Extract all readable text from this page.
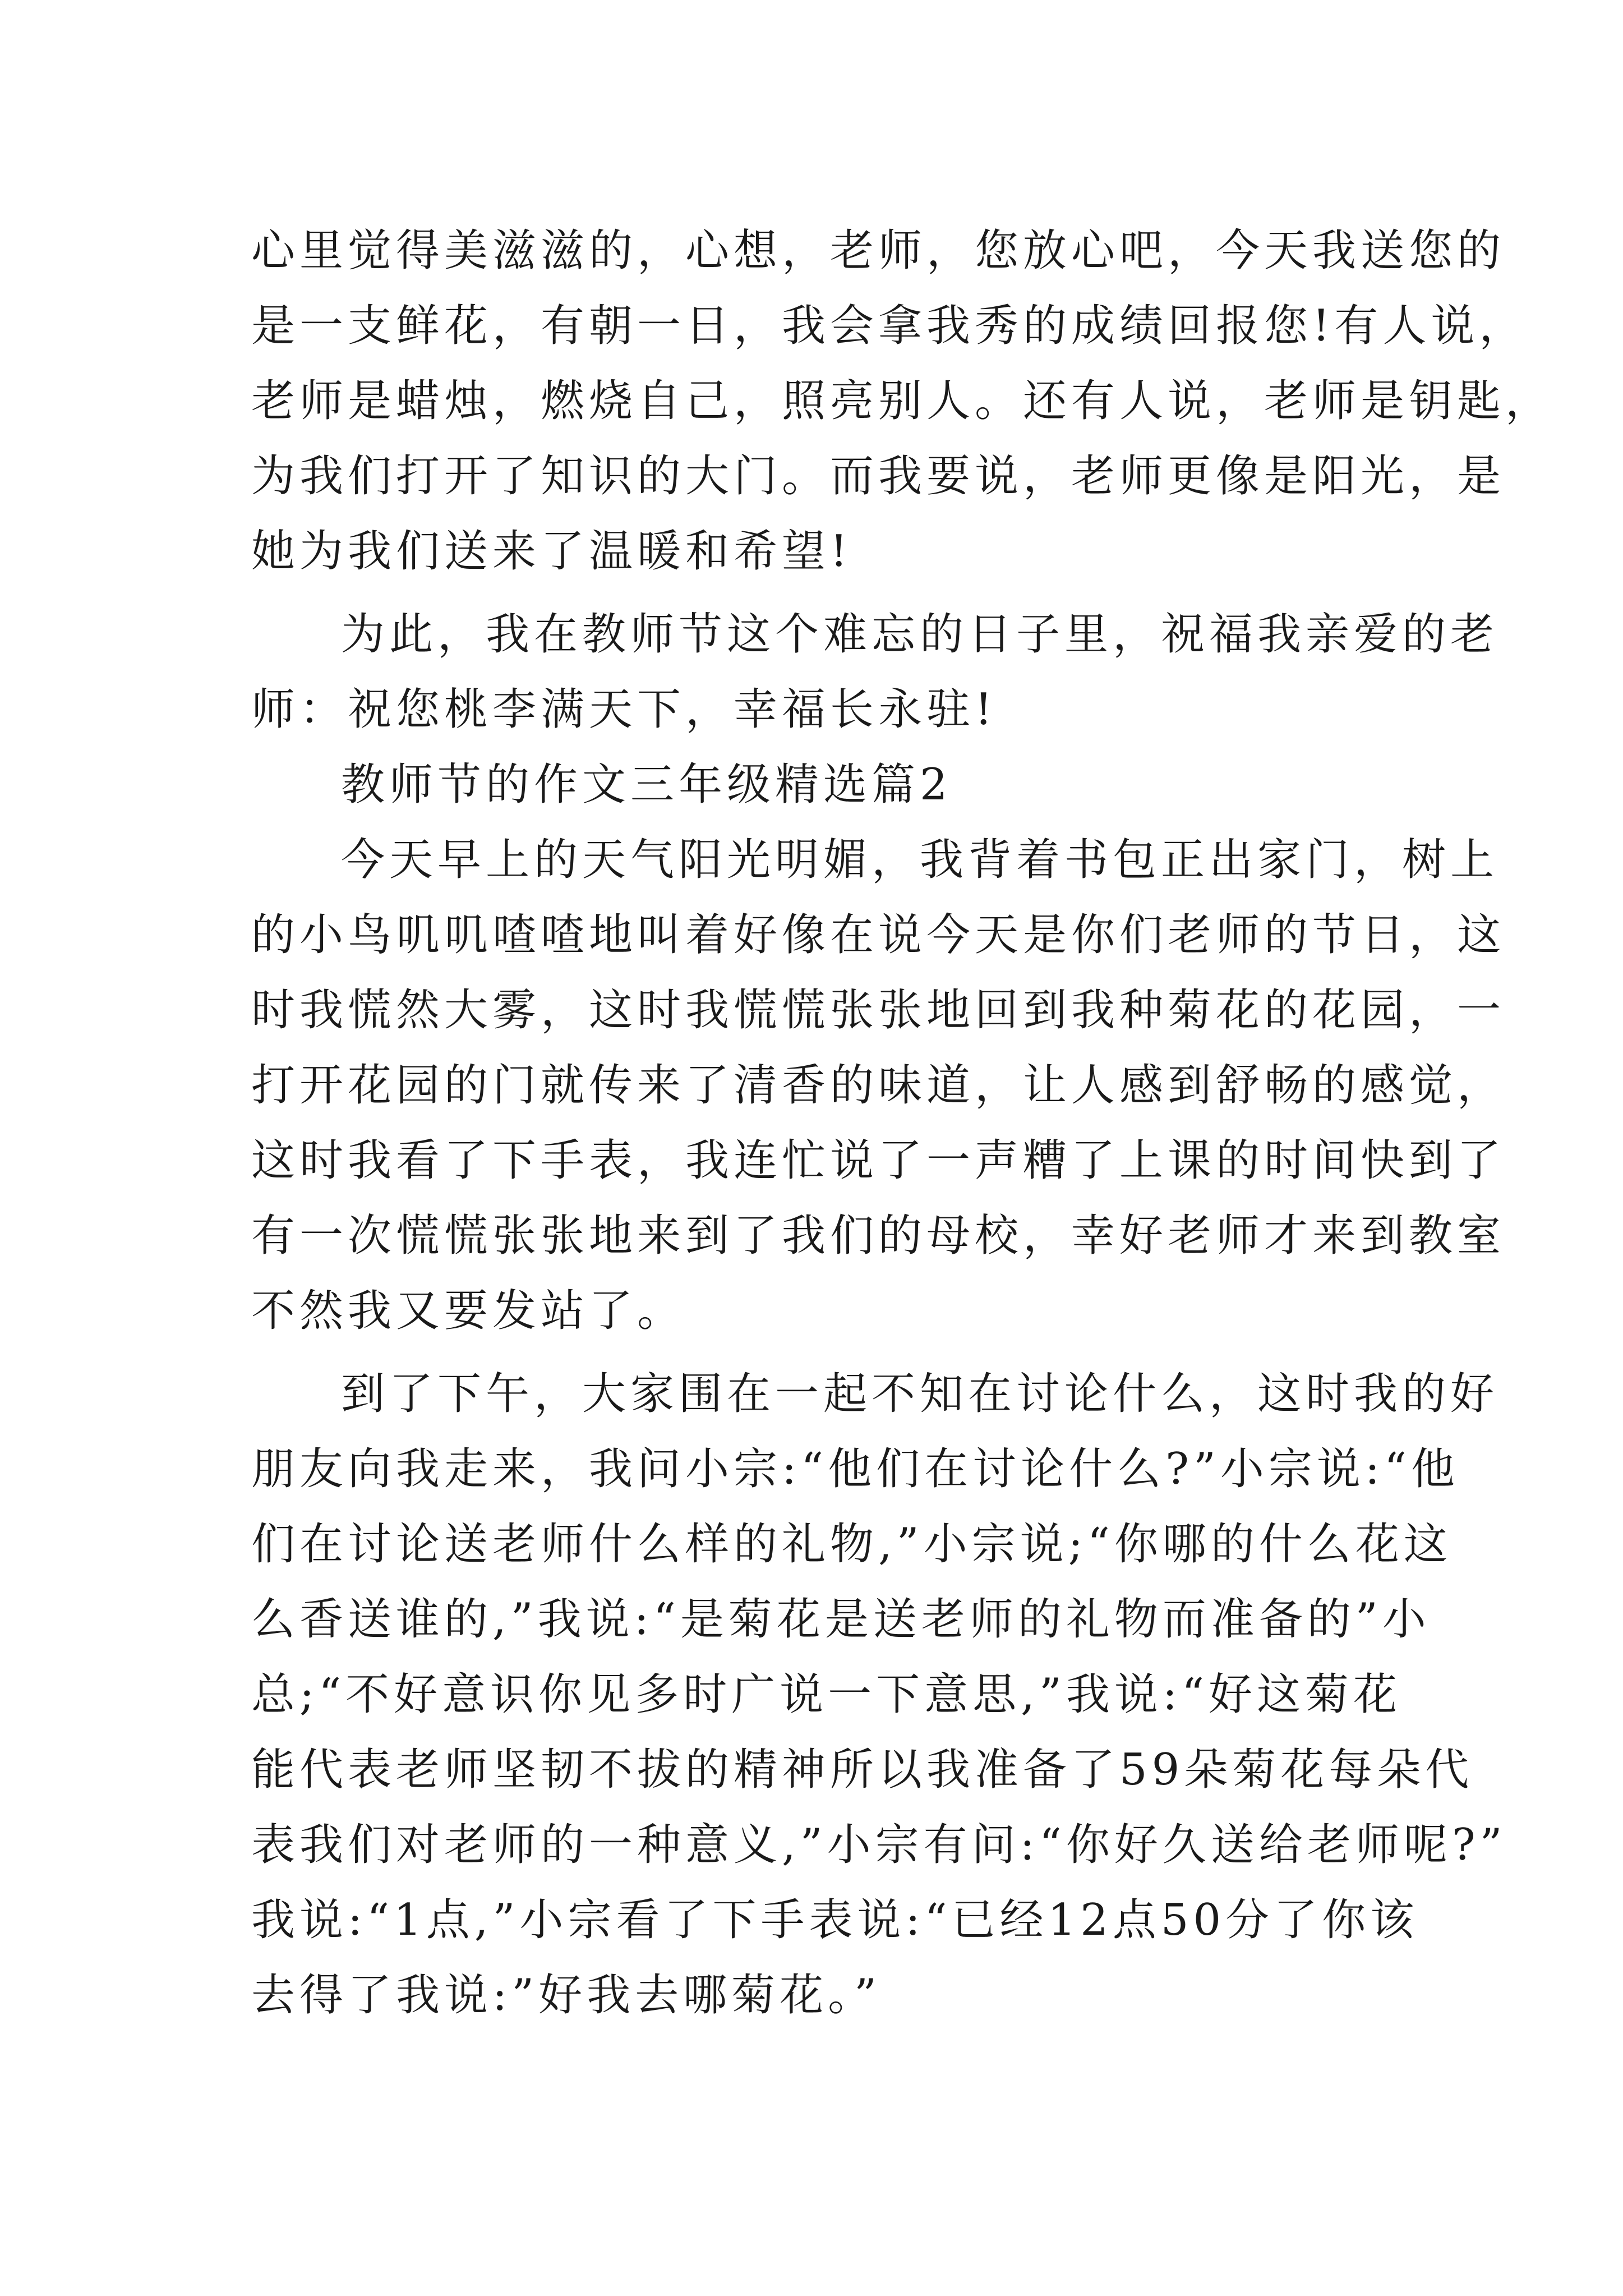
心里觉得美滋滋的，心想，老师，您放心吧，今天我送您的
是一支鲜花，有朝一日，我会拿我秀的成绩回报您!有人说，
老师是蜡烛，燃烧自己，照亮别人。还有人说，老师是钥匙，
为我们打开了知识的大门。而我要说，老师更像是阳光，是
她为我们送来了温暖和希望!
为此，我在教师节这个难忘的日子里，祝福我亲爱的老
师：祝您桃李满天下，幸福长永驻!
教师节的作文三年级精选篇2
今天早上的天气阳光明媚，我背着书包正出家门，树上
的小鸟叽叽喳喳地叫着好像在说今天是你们老师的节日，这
时我慌然大雾，这时我慌慌张张地回到我种菊花的花园，一
打开花园的门就传来了清香的味道，让人感到舒畅的感觉，
这时我看了下手表，我连忙说了一声糟了上课的时间快到了
有一次慌慌张张地来到了我们的母校，幸好老师才来到教室
不然我又要发站了。
到了下午，大家围在一起不知在讨论什么，这时我的好
朋友向我走来，我问小宗:“他们在讨论什么?”小宗说:“他
们在讨论送老师什么样的礼物,”小宗说;“你哪的什么花这
么香送谁的,”我说:“是菊花是送老师的礼物而准备的”小
总;“不好意识你见多时广说一下意思,”我说:“好这菊花
能代表老师坚韧不拔的精神所以我准备了59朵菊花每朵代
表我们对老师的一种意义,”小宗有问:“你好久送给老师呢?”
我说:“1点,”小宗看了下手表说:“已经12点50分了你该
去得了我说:”好我去哪菊花。”
